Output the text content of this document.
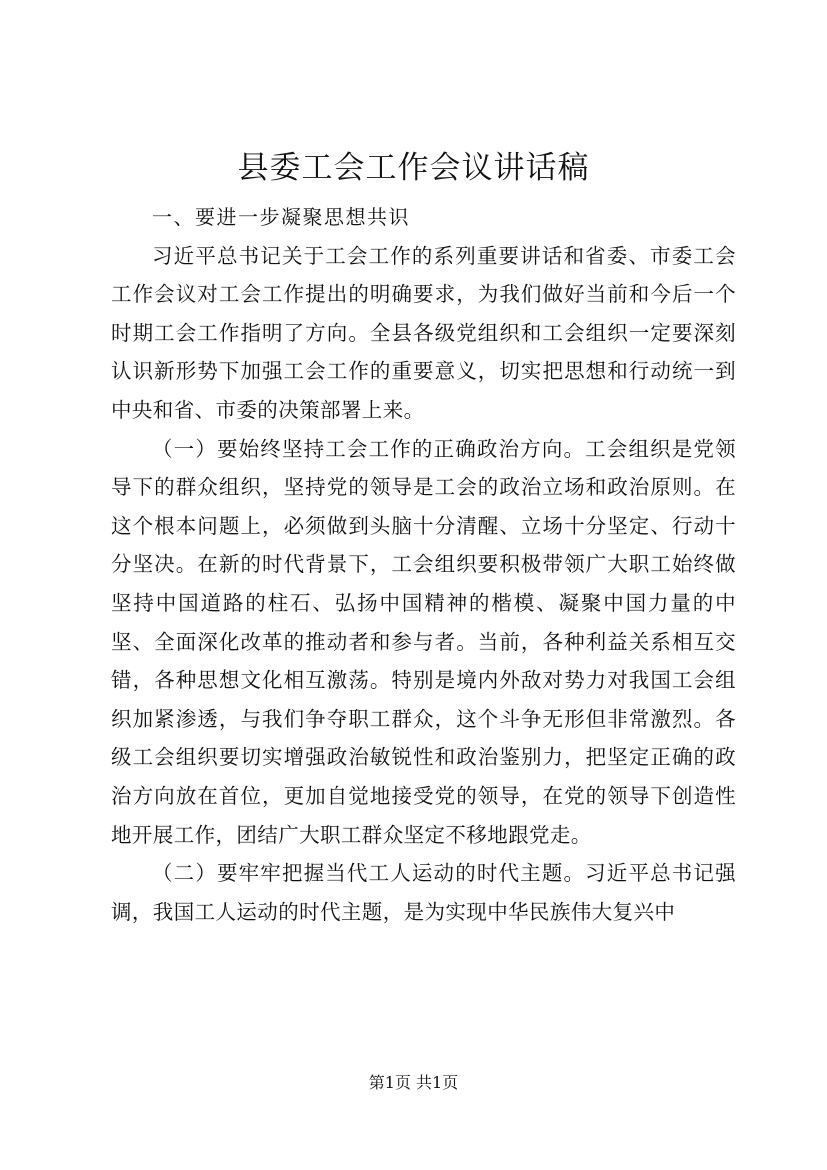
县委工会工作会议讲话稿

一、要进一步凝聚思想共识

习近平总书记关于工会工作的系列重要讲话和省委、市委工会工作会议对工会工作提出的明确要求，为我们做好当前和今后一个时期工会工作指明了方向。全县各级党组织和工会组织一定要深刻认识新形势下加强工会工作的重要意义，切实把思想和行动统一到中央和省、市委的决策部署上来。

（一）要始终坚持工会工作的正确政治方向。工会组织是党领导下的群众组织，坚持党的领导是工会的政治立场和政治原则。在这个根本问题上，必须做到头脑十分清醒、立场十分坚定、行动十分坚决。在新的时代背景下，工会组织要积极带领广大职工始终做坚持中国道路的柱石、弘扬中国精神的楷模、凝聚中国力量的中坚、全面深化改革的推动者和参与者。当前，各种利益关系相互交错，各种思想文化相互激荡。特别是境内外敌对势力对我国工会组织加紧渗透，与我们争夺职工群众，这个斗争无形但非常激烈。各级工会组织要切实增强政治敏锐性和政治鉴别力，把坚定正确的政治方向放在首位，更加自觉地接受党的领导，在党的领导下创造性地开展工作，团结广大职工群众坚定不移地跟党走。

（二）要牢牢把握当代工人运动的时代主题。习近平总书记强调，我国工人运动的时代主题，是为实现中华民族伟大复兴中

第1页 共1页
